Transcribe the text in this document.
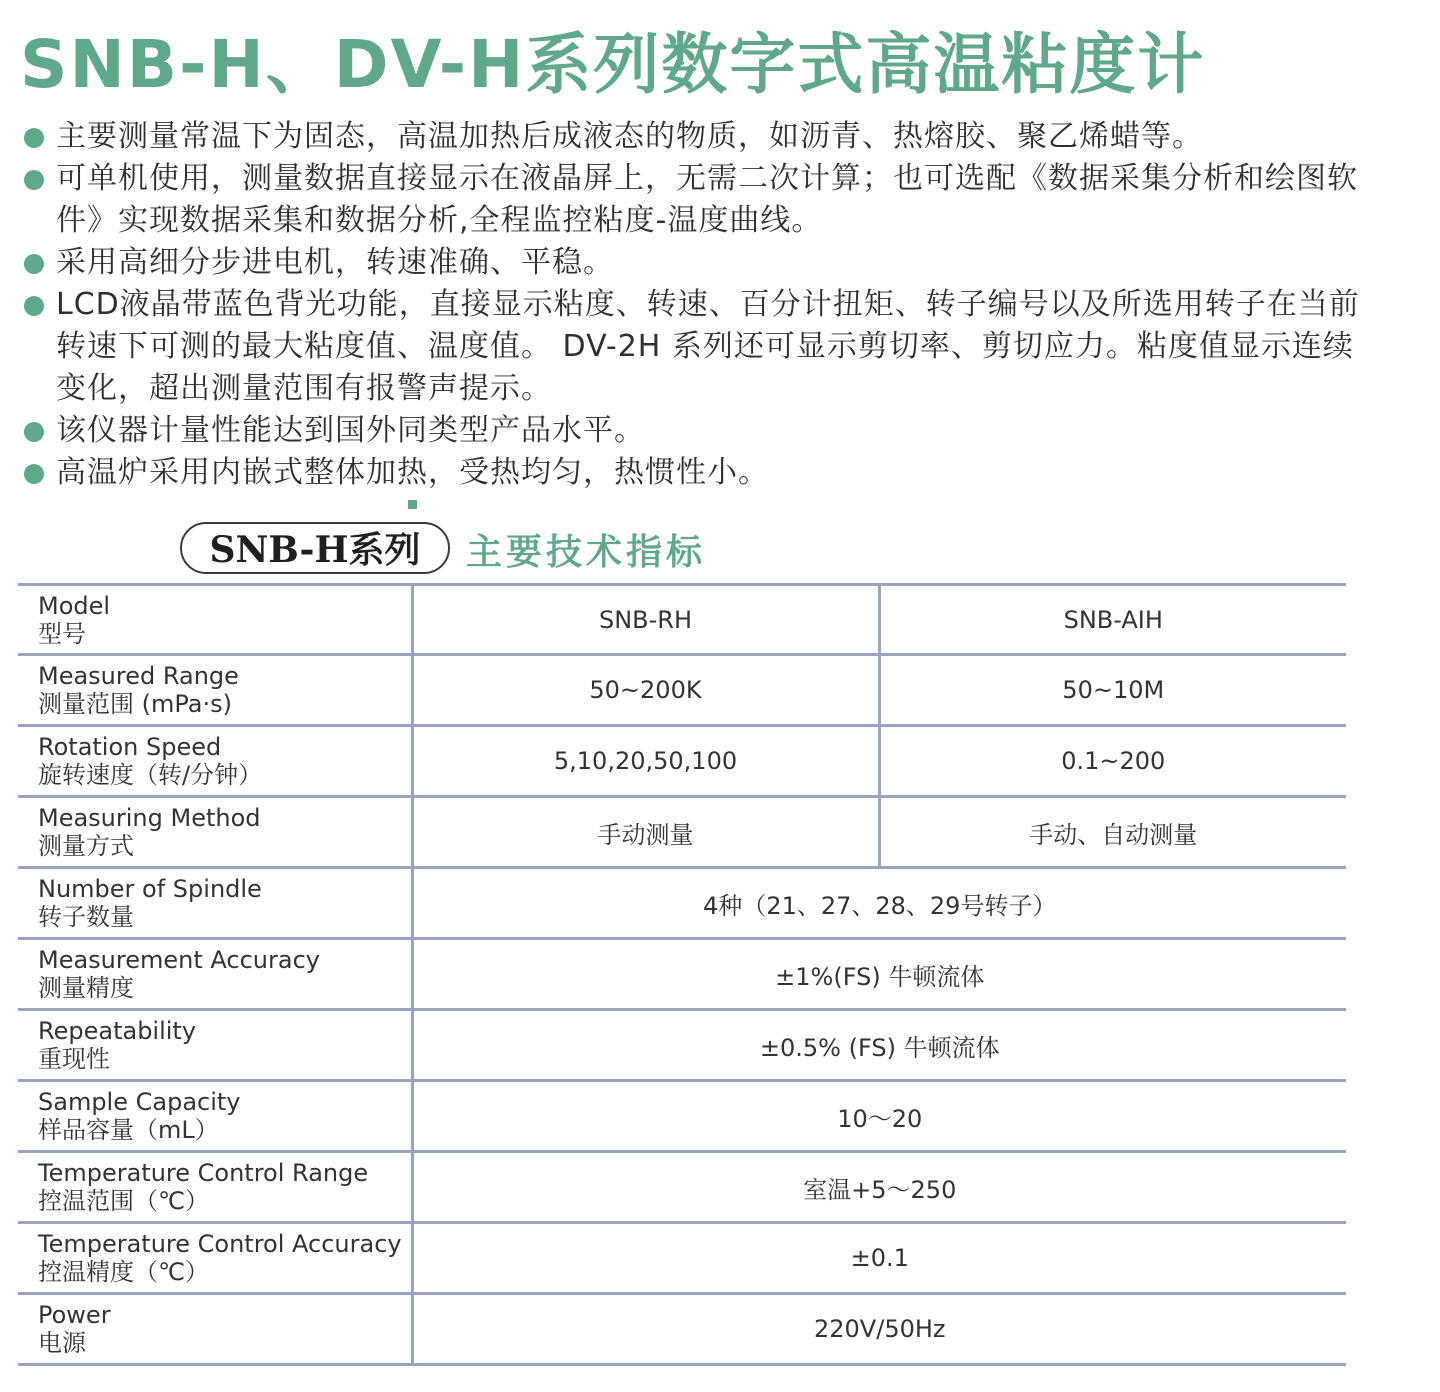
SNB-H、DV-H系列数字式高温粘度计
主要测量常温下为固态，高温加热后成液态的物质，如沥青、热熔胶、聚乙烯蜡等。
可单机使用，测量数据直接显示在液晶屏上，无需二次计算；也可选配《数据采集分析和绘图软件》实现数据采集和数据分析,全程监控粘度-温度曲线。
采用高细分步进电机，转速准确、平稳。
LCD液晶带蓝色背光功能，直接显示粘度、转速、百分计扭矩、转子编号以及所选用转子在当前转速下可测的最大粘度值、温度值。 DV-2H 系列还可显示剪切率、剪切应力。粘度值显示连续变化，超出测量范围有报警声提示。
该仪器计量性能达到国外同类型产品水平。
高温炉采用内嵌式整体加热，受热均匀，热惯性小。
SNB-H系列	主要技术指标
Model
型号	SNB-RH	SNB-AIH

Measured Range
测量范围 (mPa·s)	50~200K	50~10M

Rotation Speed
旋转速度（转/分钟）	5,10,20,50,100	0.1~200

Measuring Method
测量方式	手动测量	手动、自动测量

Number of Spindle
转子数量	4种（21、27、28、29号转子）	

Measurement Accuracy
测量精度	±1%(FS) 牛顿流体	

Repeatability
重现性	±0.5% (FS) 牛顿流体	

Sample Capacity
样品容量（mL）	10～20	

Temperature Control Range
控温范围（℃）	室温+5～250	

Temperature Control Accuracy
控温精度（℃）	±0.1	

Power
电源	220V/50Hz	
